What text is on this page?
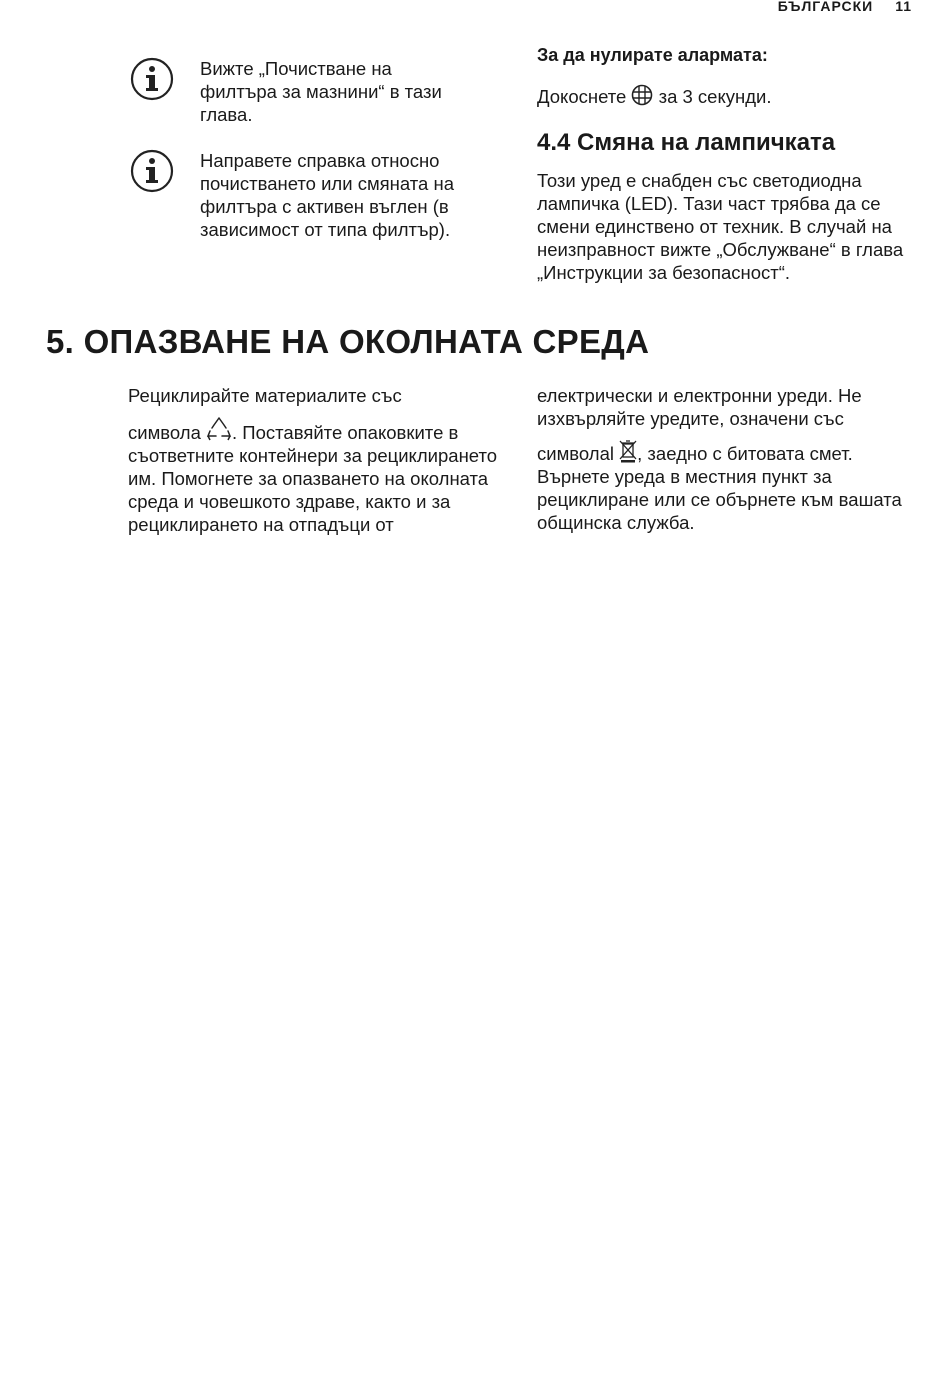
БЪЛГАРСКИ 11

Вижте „Почистване на филтъра за мазнини“ в тази глава.

Направете справка относно почистването или смяната на филтъра с активен въглен (в зависимост от типа филтър).

За да нулирате алармата:

Докоснете за 3 секунди.

4.4 Смяна на лампичката

Този уред е снабден със светодиодна лампичка (LED). Тази част трябва да се смени единствено от техник. В случай на неизправност вижте „Обслужване“ в глава „Инструкции за безопасност“.

5. ОПАЗВАНЕ НА ОКОЛНАТА СРЕДА

Рециклирайте материалите със

символа . Поставяйте опаковките в съответните контейнери за рециклирането им. Помогнете за опазването на околната среда и човешкото здраве, както и за рециклирането на отпадъци от

електрически и електронни уреди. Не изхвърляйте уредите, означени със

символаl , заедно с битовата смет. Върнете уреда в местния пункт за рециклиране или се обърнете към вашата общинска служба.
